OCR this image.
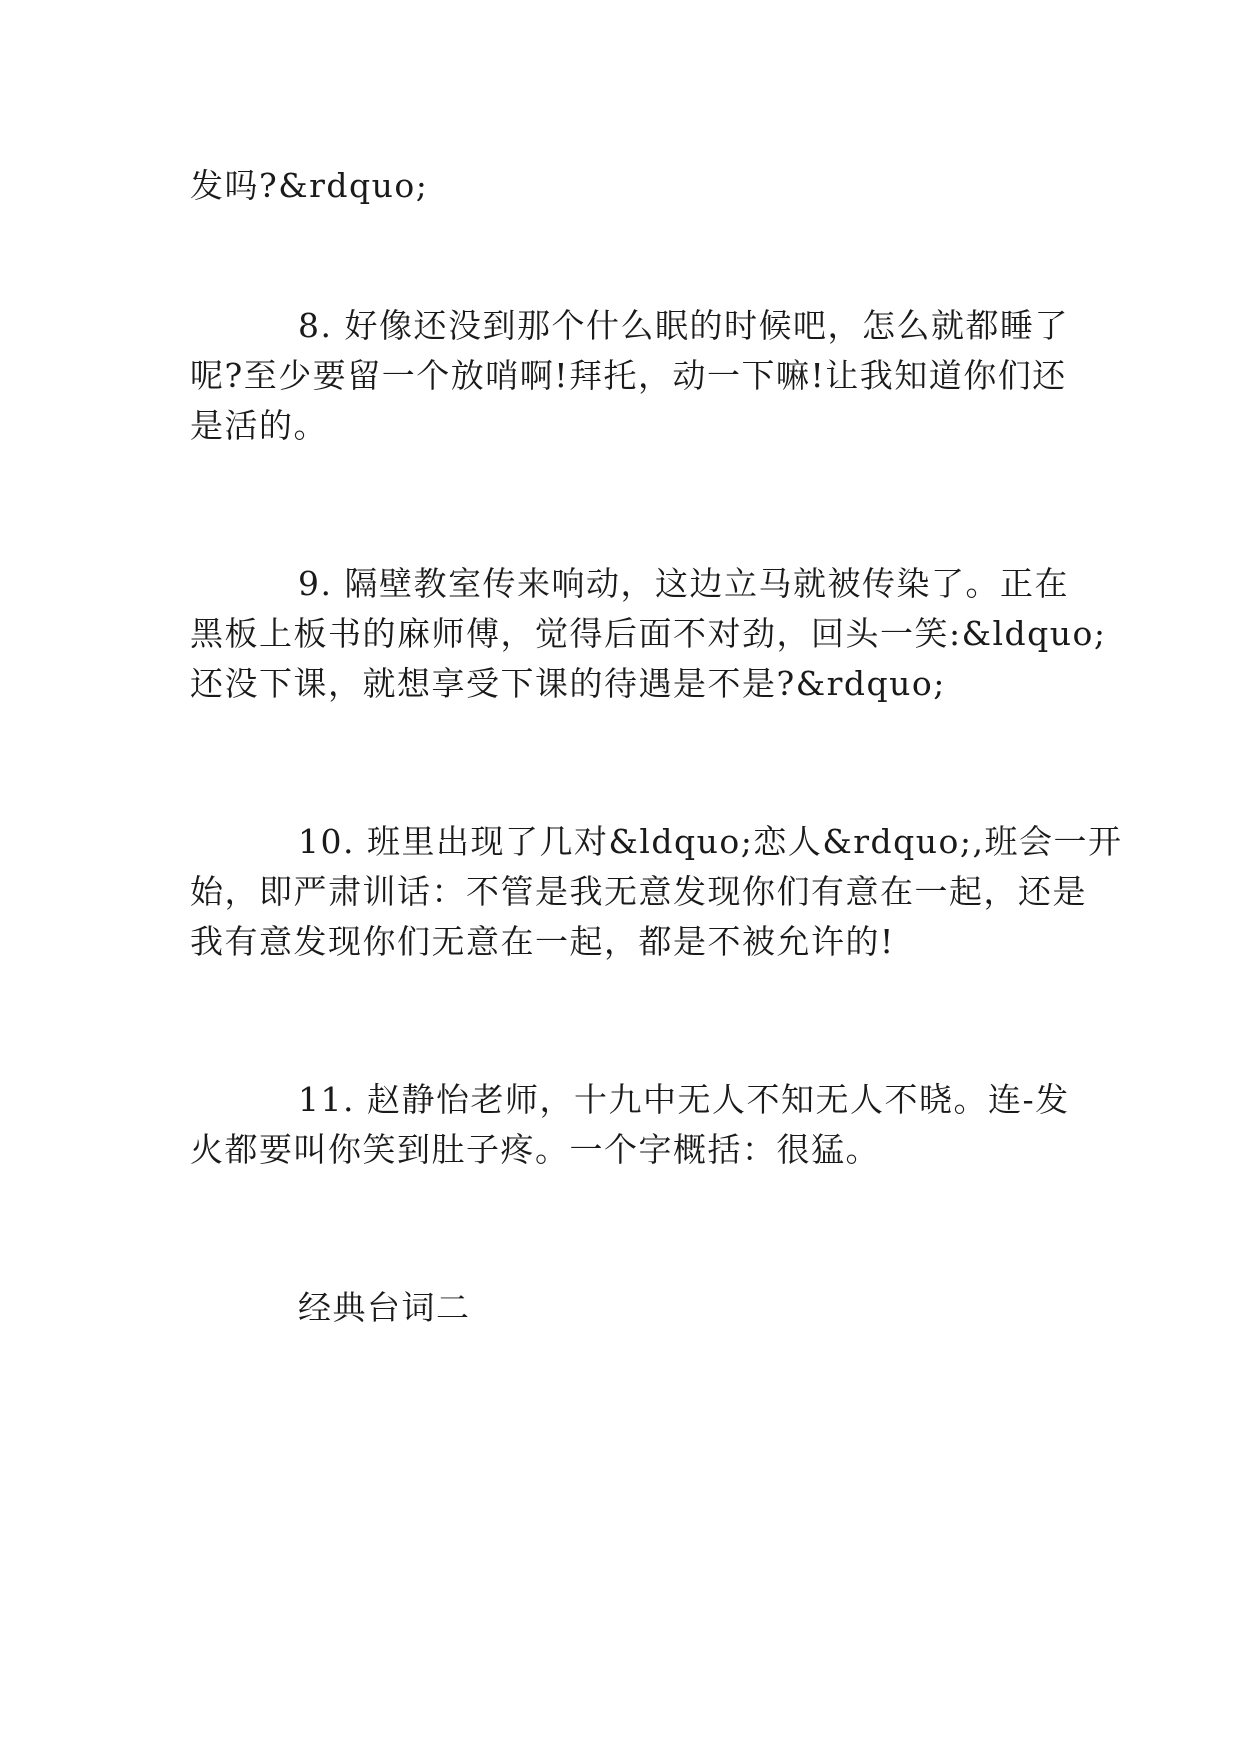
发吗?&rdquo;
8. 好像还没到那个什么眠的时候吧，怎么就都睡了
呢?至少要留一个放哨啊!拜托，动一下嘛!让我知道你们还
是活的。
9. 隔壁教室传来响动，这边立马就被传染了。正在
黑板上板书的麻师傅，觉得后面不对劲，回头一笑:&ldquo;
还没下课，就想享受下课的待遇是不是?&rdquo;
10. 班里出现了几对&ldquo;恋人&rdquo;,班会一开
始，即严肃训话：不管是我无意发现你们有意在一起，还是
我有意发现你们无意在一起，都是不被允许的!
11. 赵静怡老师，十九中无人不知无人不晓。连-发
火都要叫你笑到肚子疼。一个字概括：很猛。
经典台词二
